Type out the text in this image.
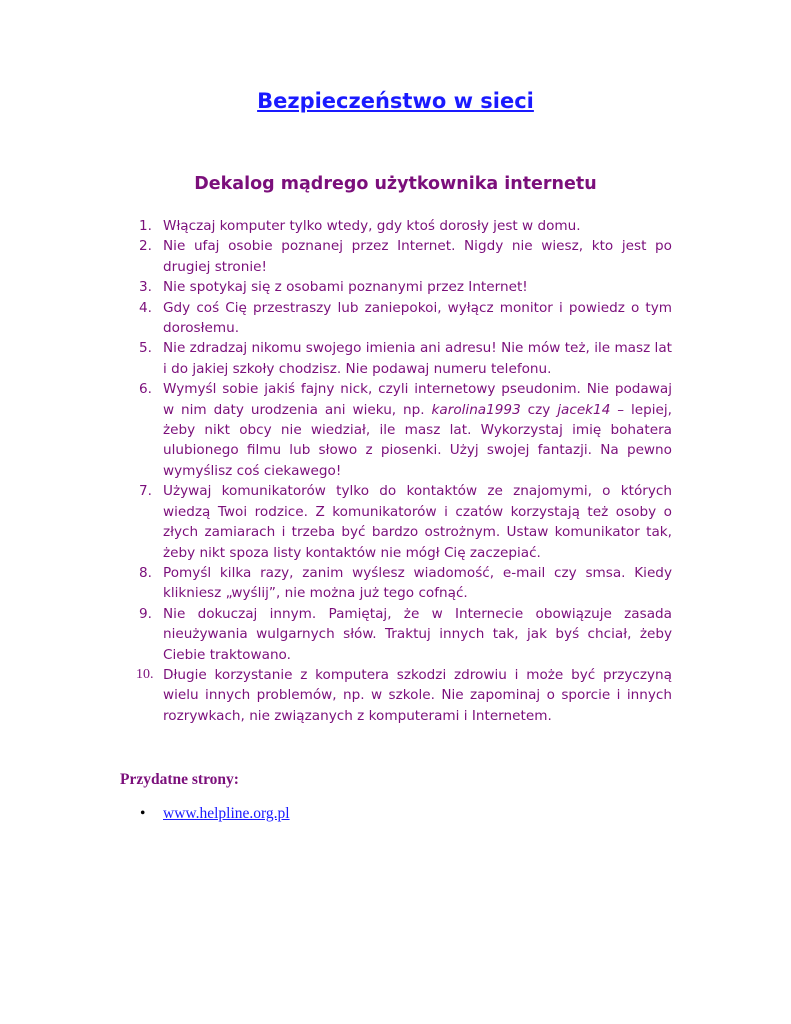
Bezpieczeństwo w sieci
Dekalog mądrego użytkownika internetu
1. Włączaj komputer tylko wtedy, gdy ktoś dorosły jest w domu.
2. Nie ufaj osobie poznanej przez Internet. Nigdy nie wiesz, kto jest po drugiej stronie!
3. Nie spotykaj się z osobami poznanymi przez Internet!
4. Gdy coś Cię przestraszy lub zaniepokoi, wyłącz monitor i powiedz o tym dorosłemu.
5. Nie zdradzaj nikomu swojego imienia ani adresu! Nie mów też, ile masz lat i do jakiej szkoły chodzisz. Nie podawaj numeru telefonu.
6. Wymyśl sobie jakiś fajny nick, czyli internetowy pseudonim. Nie podawaj w nim daty urodzenia ani wieku, np. karolina1993 czy jacek14 – lepiej, żeby nikt obcy nie wiedział, ile masz lat. Wykorzystaj imię bohatera ulubionego filmu lub słowo z piosenki. Użyj swojej fantazji. Na pewno wymyślisz coś ciekawego!
7. Używaj komunikatorów tylko do kontaktów ze znajomymi, o których wiedzą Twoi rodzice. Z komunikatorów i czatów korzystają też osoby o złych zamiarach i trzeba być bardzo ostrożnym. Ustaw komunikator tak, żeby nikt spoza listy kontaktów nie mógł Cię zaczepiać.
8. Pomyśl kilka razy, zanim wyślesz wiadomość, e-mail czy smsa. Kiedy klikniesz „wyślij”, nie można już tego cofnąć.
9. Nie dokuczaj innym. Pamiętaj, że w Internecie obowiązuje zasada nieużywania wulgarnych słów. Traktuj innych tak, jak byś chciał, żeby Ciebie traktowano.
10. Długie korzystanie z komputera szkodzi zdrowiu i może być przyczyną wielu innych problemów, np. w szkole. Nie zapominaj o sporcie i innych rozrywkach, nie związanych z komputerami i Internetem.

Przydatne strony:

• www.helpline.org.pl
